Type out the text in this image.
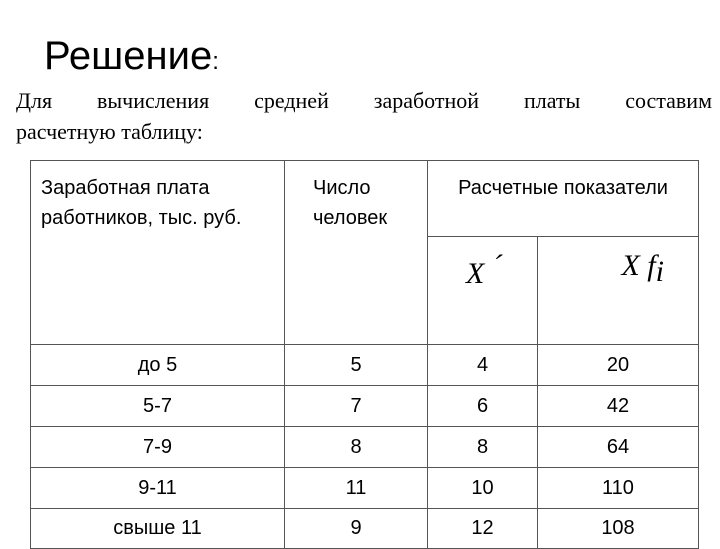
Решение:
Для вычисления средней заработной платы составим
расчетную таблицу:
Заработная плата работников, тыс. руб.	Число человек	Расчетные показатели	
		X ´	X fi
до 5	5	4	20
5-7	7	6	42
7-9	8	8	64
9-11	11	10	110
свыше 11	9	12	108
